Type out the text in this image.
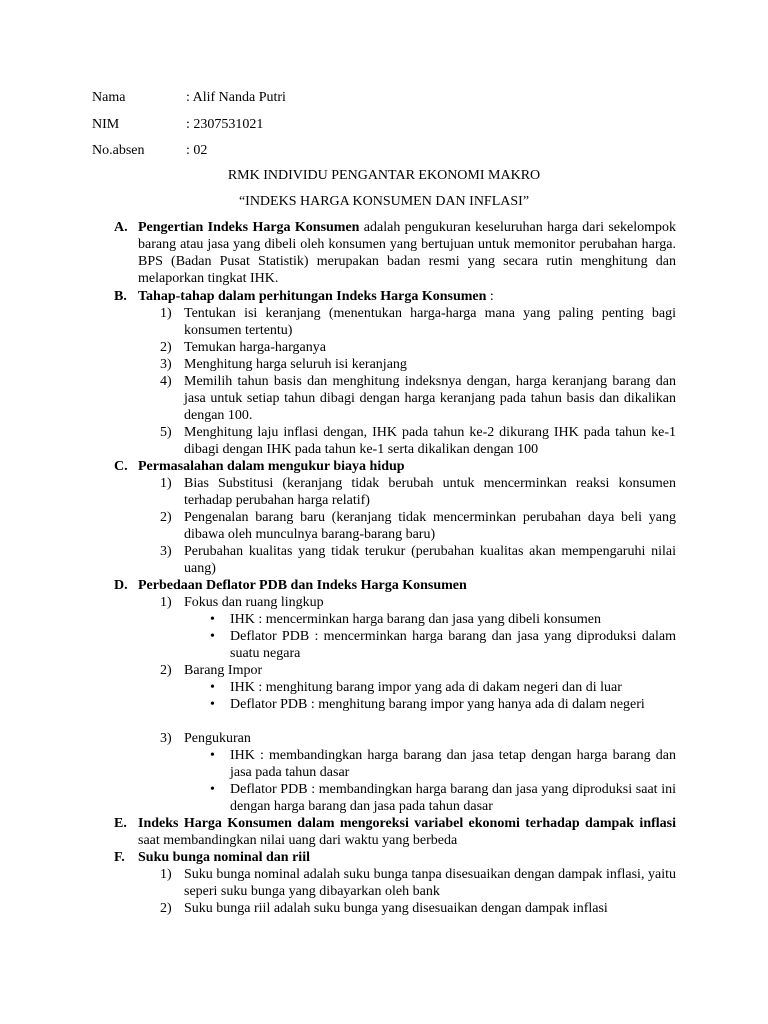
Nama	: Alif Nanda Putri
NIM	: 2307531021
No.absen	: 02
RMK INDIVIDU PENGANTAR EKONOMI MAKRO
“INDEKS HARGA KONSUMEN DAN INFLASI”
A. Pengertian Indeks Harga Konsumen adalah pengukuran keseluruhan harga dari sekelompok barang atau jasa yang dibeli oleh konsumen yang bertujuan untuk memonitor perubahan harga. BPS (Badan Pusat Statistik) merupakan badan resmi yang secara rutin menghitung dan melaporkan tingkat IHK.
B. Tahap-tahap dalam perhitungan Indeks Harga Konsumen :
1) Tentukan isi keranjang (menentukan harga-harga mana yang paling penting bagi konsumen tertentu)
2) Temukan harga-harganya
3) Menghitung harga seluruh isi keranjang
4) Memilih tahun basis dan menghitung indeksnya dengan, harga keranjang barang dan jasa untuk setiap tahun dibagi dengan harga keranjang pada tahun basis dan dikalikan dengan 100.
5) Menghitung laju inflasi dengan, IHK pada tahun ke-2 dikurang IHK pada tahun ke-1 dibagi dengan IHK pada tahun ke-1 serta dikalikan dengan 100
C. Permasalahan dalam mengukur biaya hidup
1) Bias Substitusi (keranjang tidak berubah untuk mencerminkan reaksi konsumen terhadap perubahan harga relatif)
2) Pengenalan barang baru (keranjang tidak mencerminkan perubahan daya beli yang dibawa oleh munculnya barang-barang baru)
3) Perubahan kualitas yang tidak terukur (perubahan kualitas akan mempengaruhi nilai uang)
D. Perbedaan Deflator PDB dan Indeks Harga Konsumen
1) Fokus dan ruang lingkup
• IHK : mencerminkan harga barang dan jasa yang dibeli konsumen
• Deflator PDB : mencerminkan harga barang dan jasa yang diproduksi dalam suatu negara
2) Barang Impor
• IHK : menghitung barang impor yang ada di dakam negeri dan di luar
• Deflator PDB : menghitung barang impor yang hanya ada di dalam negeri
3) Pengukuran
• IHK : membandingkan harga barang dan jasa tetap dengan harga barang dan jasa pada tahun dasar
• Deflator PDB : membandingkan harga barang dan jasa yang diproduksi saat ini dengan harga barang dan jasa pada tahun dasar
E. Indeks Harga Konsumen dalam mengoreksi variabel ekonomi terhadap dampak inflasi saat membandingkan nilai uang dari waktu yang berbeda
F. Suku bunga nominal dan riil
1) Suku bunga nominal adalah suku bunga tanpa disesuaikan dengan dampak inflasi, yaitu seperi suku bunga yang dibayarkan oleh bank
2) Suku bunga riil adalah suku bunga yang disesuaikan dengan dampak inflasi
